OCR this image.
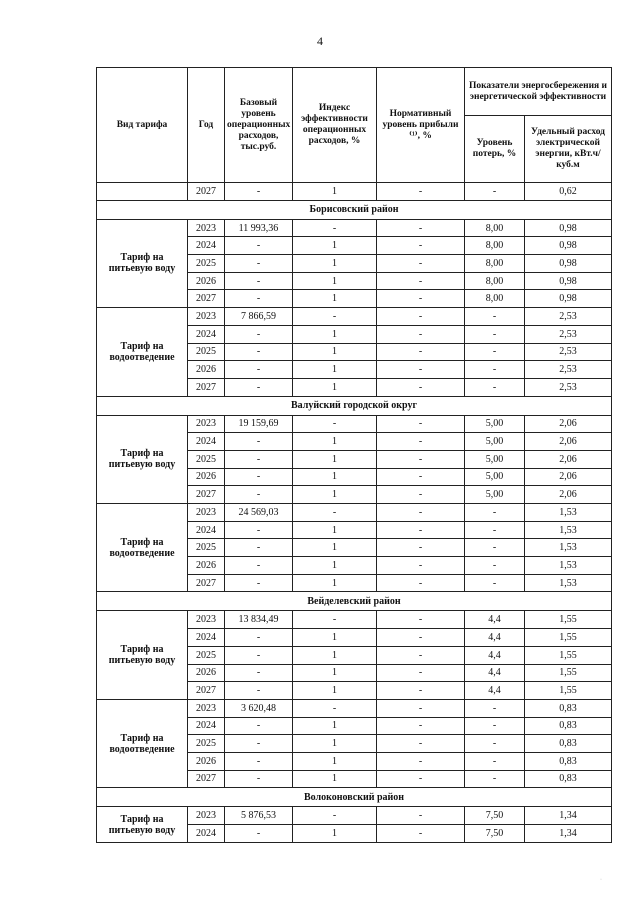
4
Вид тарифа	Год	Базовый уровень операционных расходов, тыс.руб.	Индекс эффективности операционных расходов, %	Нормативный уровень прибыли ⁽¹⁾, %	Показатели энергосбережения и энергетической эффективности	
					Уровень потерь, %	Удельный расход электрической энергии, кВт.ч/куб.м
	2027	-	1	-	-	0,62
Борисовский район						
Тариф на питьевую воду	2023	11 993,36	-	-	8,00	0,98
	2024	-	1	-	8,00	0,98
	2025	-	1	-	8,00	0,98
	2026	-	1	-	8,00	0,98
	2027	-	1	-	8,00	0,98
Тариф на водоотведение	2023	7 866,59	-	-	-	2,53
	2024	-	1	-	-	2,53
	2025	-	1	-	-	2,53
	2026	-	1	-	-	2,53
	2027	-	1	-	-	2,53
Валуйский городской округ						
Тариф на питьевую воду	2023	19 159,69	-	-	5,00	2,06
	2024	-	1	-	5,00	2,06
	2025	-	1	-	5,00	2,06
	2026	-	1	-	5,00	2,06
	2027	-	1	-	5,00	2,06
Тариф на водоотведение	2023	24 569,03	-	-	-	1,53
	2024	-	1	-	-	1,53
	2025	-	1	-	-	1,53
	2026	-	1	-	-	1,53
	2027	-	1	-	-	1,53
Вейделевский район						
Тариф на питьевую воду	2023	13 834,49	-	-	4,4	1,55
	2024	-	1	-	4,4	1,55
	2025	-	1	-	4,4	1,55
	2026	-	1	-	4,4	1,55
	2027	-	1	-	4,4	1,55
Тариф на водоотведение	2023	3 620,48	-	-	-	0,83
	2024	-	1	-	-	0,83
	2025	-	1	-	-	0,83
	2026	-	1	-	-	0,83
	2027	-	1	-	-	0,83
Волоконовский район						
Тариф на питьевую воду	2023	5 876,53	-	-	7,50	1,34
	2024	-	1	-	7,50	1,34
·
